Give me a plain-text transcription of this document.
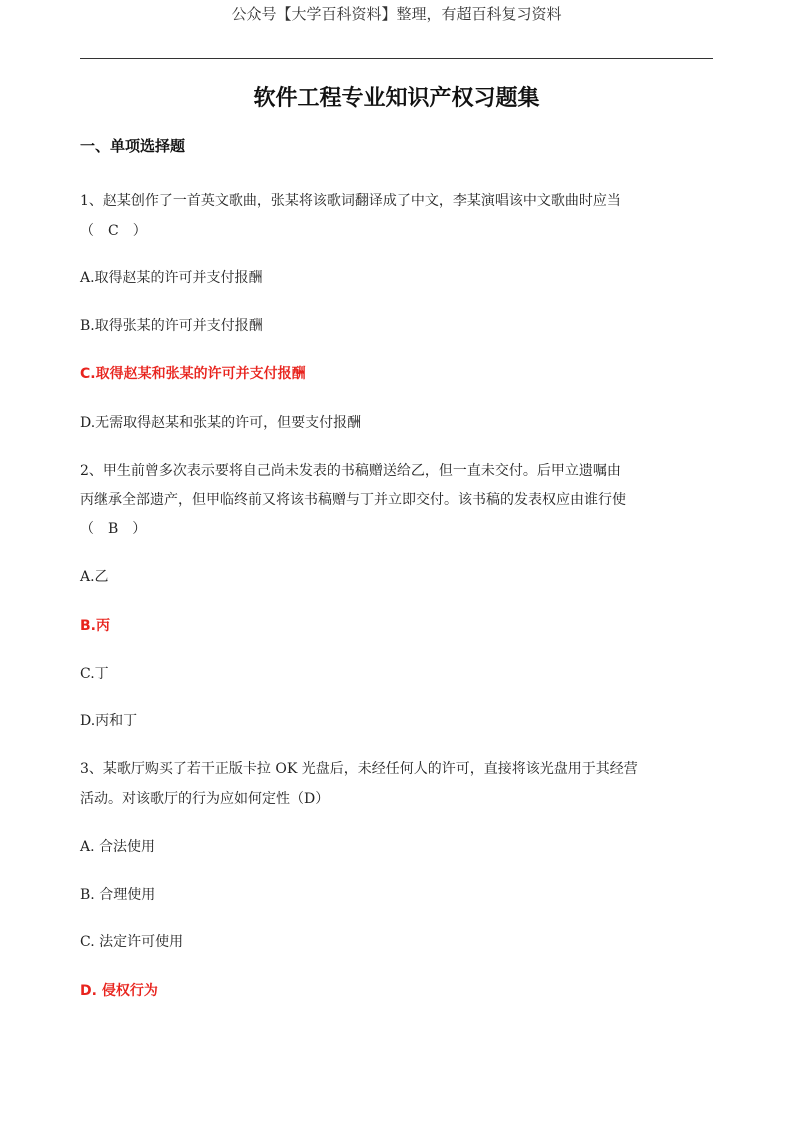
公众号【大学百科资料】整理，有超百科复习资料
软件工程专业知识产权习题集
一、单项选择题
1、赵某创作了一首英文歌曲，张某将该歌词翻译成了中文，李某演唱该中文歌曲时应当
（　C　）
A.取得赵某的许可并支付报酬
B.取得张某的许可并支付报酬
C.取得赵某和张某的许可并支付报酬
D.无需取得赵某和张某的许可，但要支付报酬
2、甲生前曾多次表示要将自己尚未发表的书稿赠送给乙，但一直未交付。后甲立遗嘱由
丙继承全部遗产，但甲临终前又将该书稿赠与丁并立即交付。该书稿的发表权应由谁行使
（　B　）
A.乙
B.丙
C.丁
D.丙和丁
3、某歌厅购买了若干正版卡拉 OK 光盘后，未经任何人的许可，直接将该光盘用于其经营
活动。对该歌厅的行为应如何定性（D）
A. 合法使用
B. 合理使用
C. 法定许可使用
D. 侵权行为
